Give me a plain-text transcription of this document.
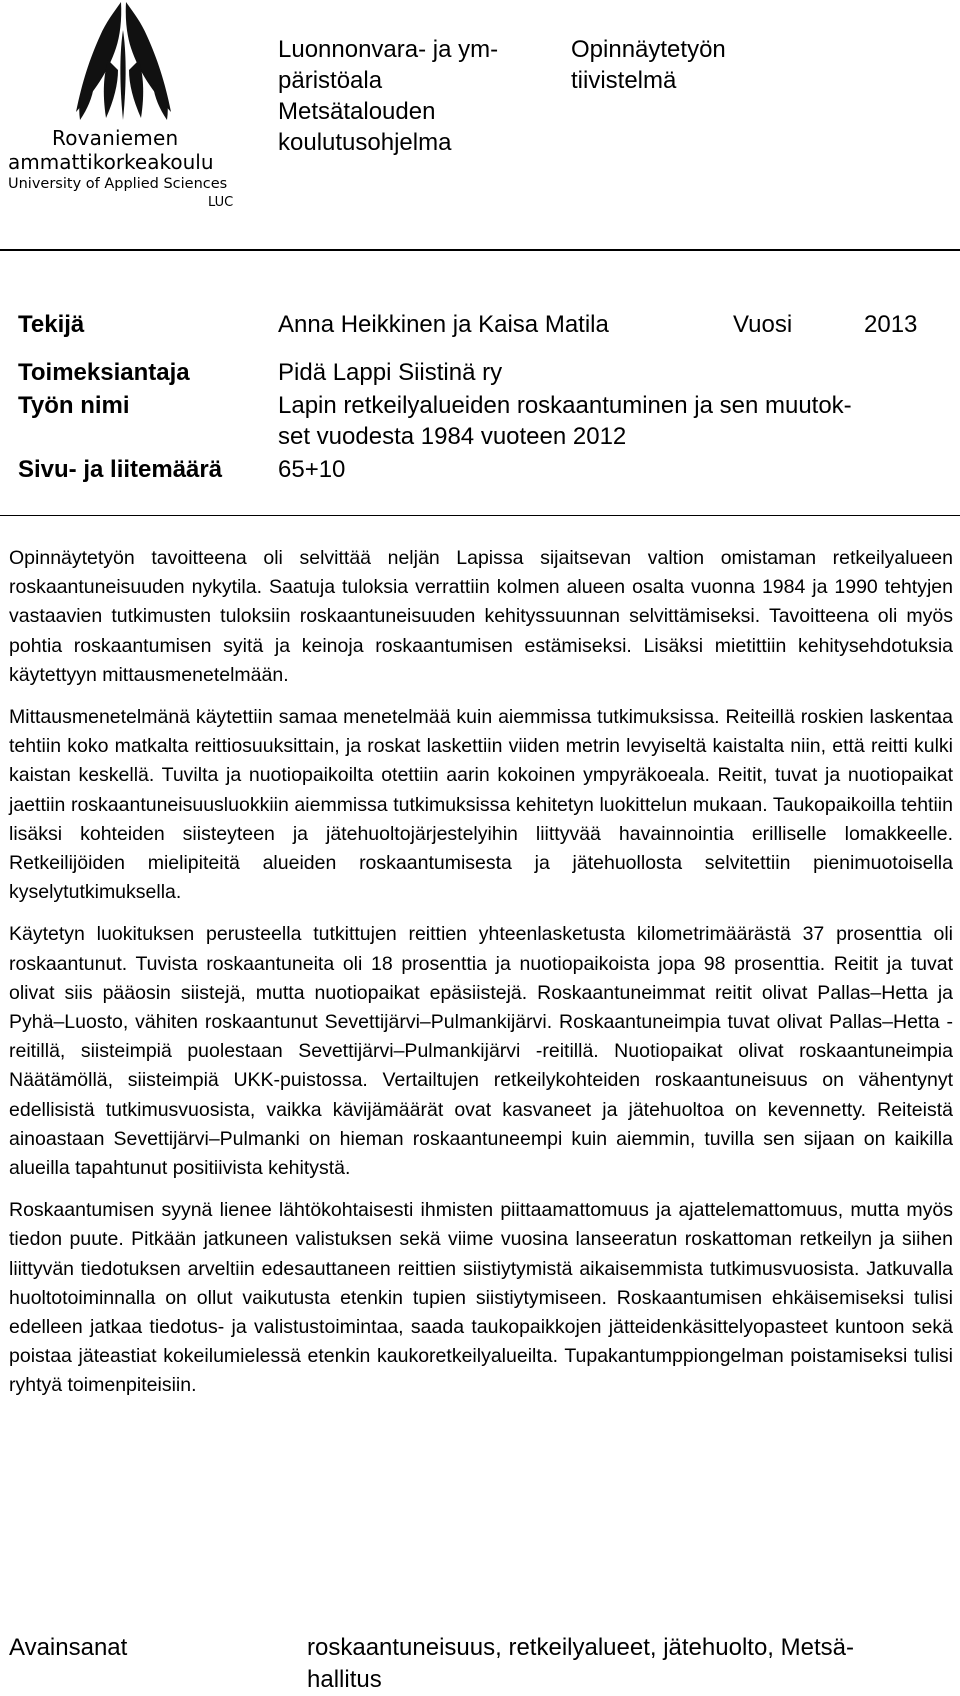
Rovaniemen
ammattikorkeakoulu
University of Applied Sciences
LUC
Luonnonvara- ja ym-
päristöala
Metsätalouden
koulutusohjelma
Opinnäytetyön
tiivistelmä
Tekijä	Anna Heikkinen ja Kaisa Matila	Vuosi	2013
Toimeksiantaja	Pidä Lappi Siistinä ry
Työn nimi	Lapin retkeilyalueiden roskaantuminen ja sen muutok-
set vuodesta 1984 vuoteen 2012
Sivu- ja liitemäärä 65+10

Opinnäytetyön tavoitteena oli selvittää neljän Lapissa sijaitsevan valtion omistaman retkeilyalueen roskaantuneisuuden nykytila. Saatuja tuloksia verrattiin kolmen alueen osalta vuonna 1984 ja 1990 tehtyjen vastaavien tutkimusten tuloksiin roskaantuneisuuden kehityssuunnan selvittämiseksi. Tavoitteena oli myös pohtia roskaantumisen syitä ja keinoja roskaantumisen estämiseksi. Lisäksi mietittiin kehitysehdotuksia käytettyyn mittausmenetelmään.

Mittausmenetelmänä käytettiin samaa menetelmää kuin aiemmissa tutkimuksissa. Reiteillä roskien laskentaa tehtiin koko matkalta reittiosuuksittain, ja roskat laskettiin viiden metrin levyiseltä kaistalta niin, että reitti kulki kaistan keskellä. Tuvilta ja nuotiopaikoilta otettiin aarin kokoinen ympyräkoeala. Reitit, tuvat ja nuotiopaikat jaettiin roskaantuneisuusluokkiin aiemmissa tutkimuksissa kehitetyn luokittelun mukaan. Taukopaikoilla tehtiin lisäksi kohteiden siisteyteen ja jätehuoltojärjestelyihin liittyvää havainnointia erilliselle lomakkeelle. Retkeilijöiden mielipiteitä alueiden roskaantumisesta ja jätehuollosta selvitettiin pienimuotoisella kyselytutkimuksella.

Käytetyn luokituksen perusteella tutkittujen reittien yhteenlasketusta kilometrimäärästä 37 prosenttia oli roskaantunut. Tuvista roskaantuneita oli 18 prosenttia ja nuotiopaikoista jopa 98 prosenttia. Reitit ja tuvat olivat siis pääosin siistejä, mutta nuotiopaikat epäsiistejä. Roskaantuneimmat reitit olivat Pallas–Hetta ja Pyhä–Luosto, vähiten roskaantunut Sevettijärvi–Pulmankijärvi. Roskaantuneimpia tuvat olivat Pallas–Hetta -reitillä, siisteimpiä puolestaan Sevettijärvi–Pulmankijärvi -reitillä. Nuotiopaikat olivat roskaantuneimpia Näätämöllä, siisteimpiä UKK-puistossa. Vertailtujen retkeilykohteiden roskaantuneisuus on vähentynyt edellisistä tutkimusvuosista, vaikka kävijämäärät ovat kasvaneet ja jätehuoltoa on kevennetty. Reiteistä ainoastaan Sevettijärvi–Pulmanki on hieman roskaantuneempi kuin aiemmin, tuvilla sen sijaan on kaikilla alueilla tapahtunut positiivista kehitystä.

Roskaantumisen syynä lienee lähtökohtaisesti ihmisten piittaamattomuus ja ajattelemattomuus, mutta myös tiedon puute. Pitkään jatkuneen valistuksen sekä viime vuosina lanseeratun roskattoman retkeilyn ja siihen liittyvän tiedotuksen arveltiin edesauttaneen reittien siistiytymistä aikaisemmista tutkimusvuosista. Jatkuvalla huoltotoiminnalla on ollut vaikutusta etenkin tupien siistiytymiseen. Roskaantumisen ehkäisemiseksi tulisi edelleen jatkaa tiedotus- ja valistustoimintaa, saada taukopaikkojen jätteidenkäsittelyopasteet kuntoon sekä poistaa jäteastiat kokeilumielessä etenkin kaukoretkeilyalueilta. Tupakantumppiongelman poistamiseksi tulisi ryhtyä toimenpiteisiin.

Avainsanat	roskaantuneisuus, retkeilyalueet, jätehuolto, Metsä-
hallitus
